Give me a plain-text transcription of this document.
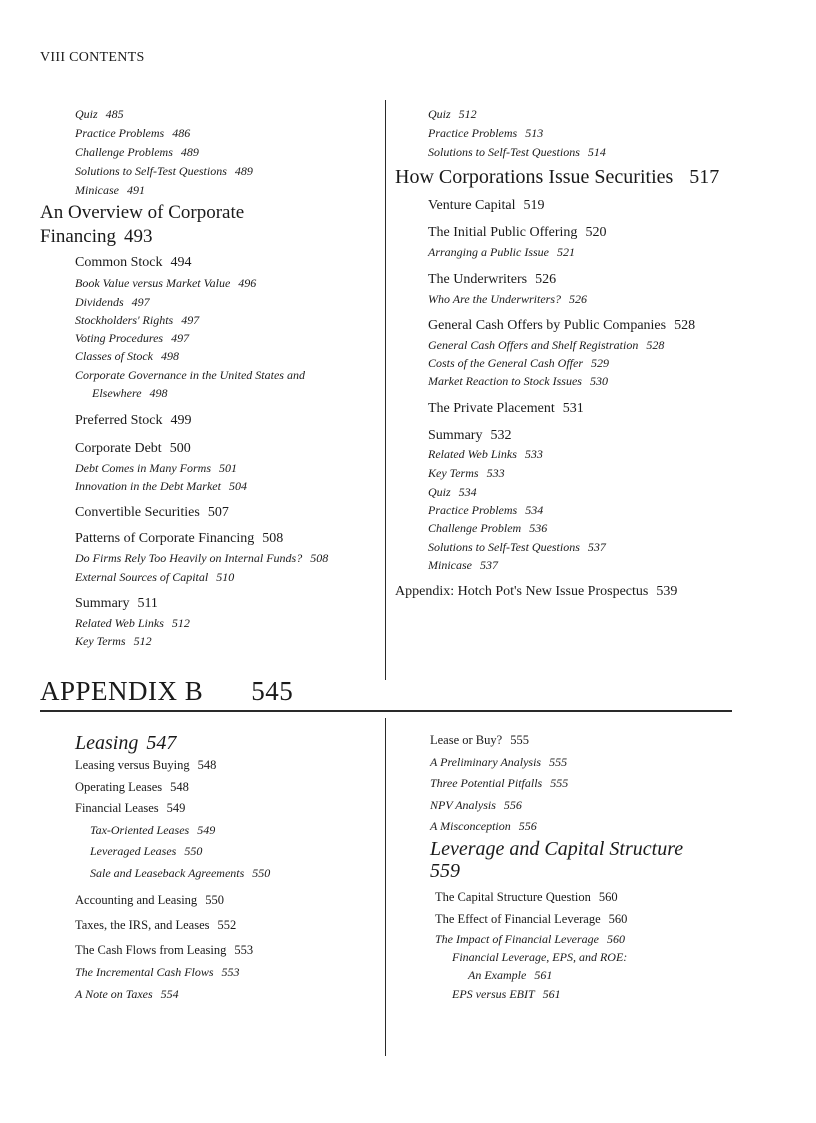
VIII CONTENTS
Quiz 485
Practice Problems 486
Challenge Problems 489
Solutions to Self-Test Questions 489
Minicase 491
An Overview of Corporate
Financing 493
Common Stock 494
Book Value versus Market Value 496
Dividends 497
Stockholders' Rights 497
Voting Procedures 497
Classes of Stock 498
Corporate Governance in the United States and
Elsewhere 498
Preferred Stock 499
Corporate Debt 500
Debt Comes in Many Forms 501
Innovation in the Debt Market 504
Convertible Securities 507
Patterns of Corporate Financing 508
Do Firms Rely Too Heavily on Internal Funds? 508
External Sources of Capital 510
Summary 511
Related Web Links 512
Key Terms 512
Quiz 512
Practice Problems 513
Solutions to Self-Test Questions 514
How Corporations Issue Securities 517
Venture Capital 519
The Initial Public Offering 520
Arranging a Public Issue 521
The Underwriters 526
Who Are the Underwriters? 526
General Cash Offers by Public Companies 528
General Cash Offers and Shelf Registration 528
Costs of the General Cash Offer 529
Market Reaction to Stock Issues 530
The Private Placement 531
Summary 532
Related Web Links 533
Key Terms 533
Quiz 534
Practice Problems 534
Challenge Problem 536
Solutions to Self-Test Questions 537
Minicase 537
Appendix: Hotch Pot's New Issue Prospectus 539
APPENDIX B 545
Leasing 547
Leasing versus Buying 548
Operating Leases 548
Financial Leases 549
Tax-Oriented Leases 549
Leveraged Leases 550
Sale and Leaseback Agreements 550
Accounting and Leasing 550
Taxes, the IRS, and Leases 552
The Cash Flows from Leasing 553
The Incremental Cash Flows 553
A Note on Taxes 554
Lease or Buy? 555
A Preliminary Analysis 555
Three Potential Pitfalls 555
NPV Analysis 556
A Misconception 556
Leverage and Capital Structure
559
The Capital Structure Question 560
The Effect of Financial Leverage 560
The Impact of Financial Leverage 560
Financial Leverage, EPS, and ROE:
An Example 561
EPS versus EBIT 561
